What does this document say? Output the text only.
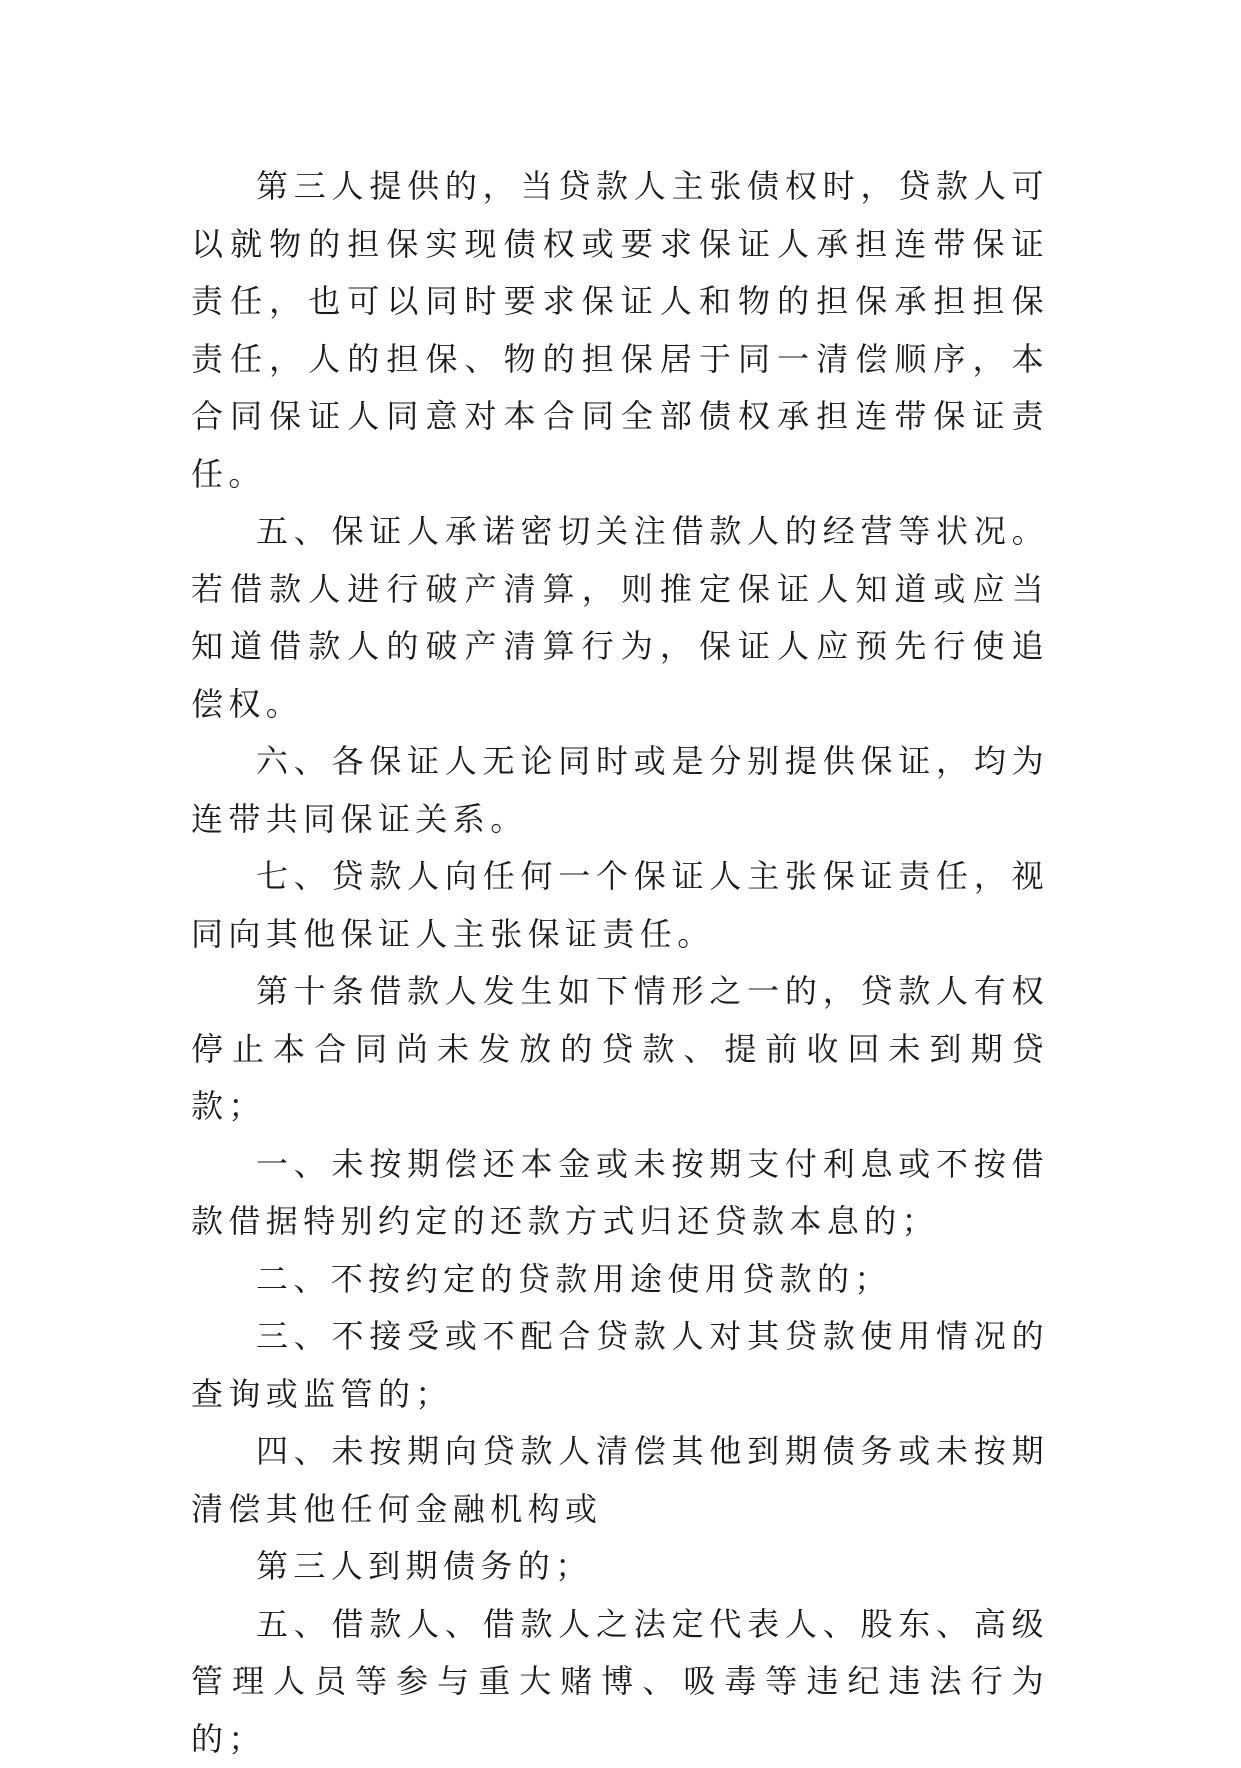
第三人提供的，当贷款人主张债权时，贷款人可以就物的担保实现债权或要求保证人承担连带保证责任，也可以同时要求保证人和物的担保承担担保责任，人的担保、物的担保居于同一清偿顺序，本合同保证人同意对本合同全部债权承担连带保证责任。

五、保证人承诺密切关注借款人的经营等状况。若借款人进行破产清算，则推定保证人知道或应当知道借款人的破产清算行为，保证人应预先行使追偿权。

六、各保证人无论同时或是分别提供保证，均为连带共同保证关系。

七、贷款人向任何一个保证人主张保证责任，视同向其他保证人主张保证责任。

第十条借款人发生如下情形之一的，贷款人有权停止本合同尚未发放的贷款、提前收回未到期贷款；

一、未按期偿还本金或未按期支付利息或不按借款借据特别约定的还款方式归还贷款本息的；

二、不按约定的贷款用途使用贷款的；

三、不接受或不配合贷款人对其贷款使用情况的查询或监管的；

四、未按期向贷款人清偿其他到期债务或未按期清偿其他任何金融机构或

第三人到期债务的；

五、借款人、借款人之法定代表人、股东、高级管理人员等参与重大赌博、吸毒等违纪违法行为的；
